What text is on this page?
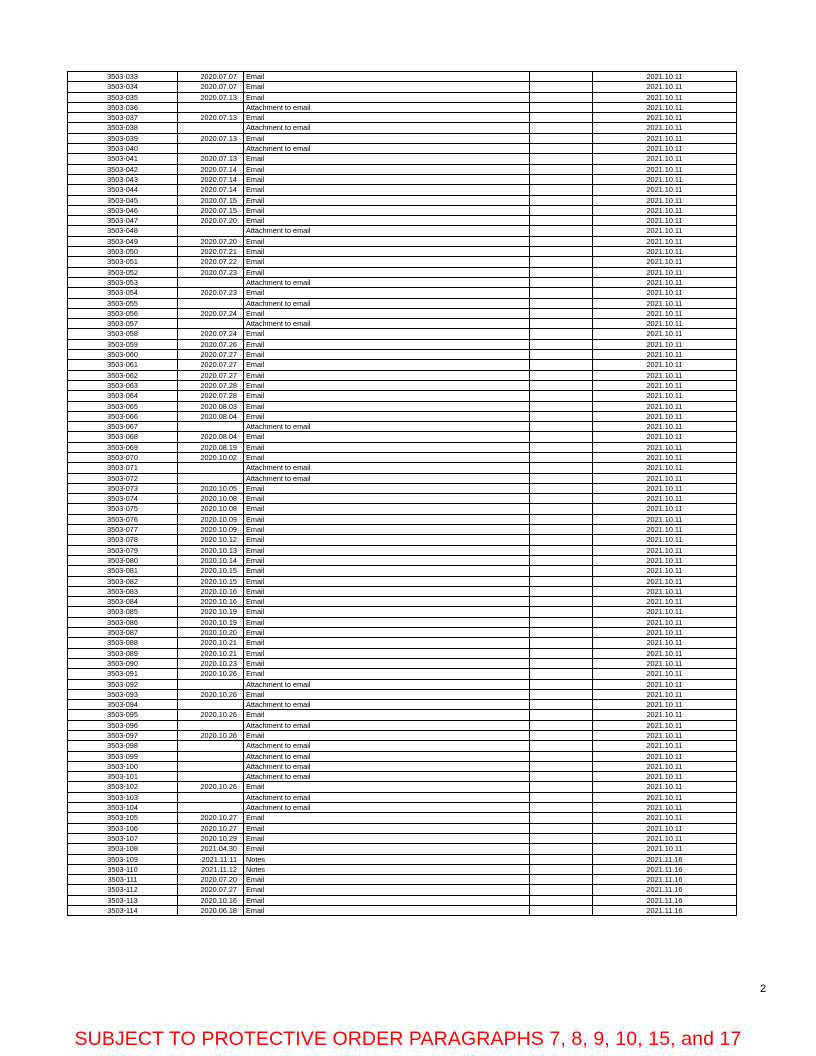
3503-033	2020.07.07	Email		2021.10.11
3503-034	2020.07.07	Email		2021.10.11
3503-035	2020.07.13	Email		2021.10.11
3503-036		Attachment to email		2021.10.11
3503-037	2020.07.13	Email		2021.10.11
3503-038		Attachment to email		2021.10.11
3503-039	2020.07.13	Email		2021.10.11
3503-040		Attachment to email		2021.10.11
3503-041	2020.07.13	Email		2021.10.11
3503-042	2020.07.14	Email		2021.10.11
3503-043	2020.07.14	Email		2021.10.11
3503-044	2020.07.14	Email		2021.10.11
3503-045	2020.07.15	Email		2021.10.11
3503-046	2020.07.15	Email		2021.10.11
3503-047	2020.07.20	Email		2021.10.11
3503-048		Attachment to email		2021.10.11
3503-049	2020.07.20	Email		2021.10.11
3503-050	2020.07.21	Email		2021.10.11
3503-051	2020.07.22	Email		2021.10.11
3503-052	2020.07.23	Email		2021.10.11
3503-053		Attachment to email		2021.10.11
3503-054	2020.07.23	Email		2021.10.11
3503-055		Attachment to email		2021.10.11
3503-056	2020.07.24	Email		2021.10.11
3503-057		Attachment to email		2021.10.11
3503-058	2020.07.24	Email		2021.10.11
3503-059	2020.07.26	Email		2021.10.11
3503-060	2020.07.27	Email		2021.10.11
3503-061	2020.07.27	Email		2021.10.11
3503-062	2020.07.27	Email		2021.10.11
3503-063	2020.07.28	Email		2021.10.11
3503-064	2020.07.28	Email		2021.10.11
3503-065	2020.08.03	Email		2021.10.11
3503-066	2020.08.04	Email		2021.10.11
3503-067		Attachment to email		2021.10.11
3503-068	2020.08.04	Email		2021.10.11
3503-069	2020.08.19	Email		2021.10.11
3503-070	2020.10.02	Email		2021.10.11
3503-071		Attachment to email		2021.10.11
3503-072		Attachment to email		2021.10.11
3503-073	2020.10.05	Email		2021.10.11
3503-074	2020.10.08	Email		2021.10.11
3503-075	2020.10.08	Email		2021.10.11
3503-076	2020.10.09	Email		2021.10.11
3503-077	2020.10.09	Email		2021.10.11
3503-078	2020.10.12	Email		2021.10.11
3503-079	2020.10.13	Email		2021.10.11
3503-080	2020.10.14	Email		2021.10.11
3503-081	2020.10.15	Email		2021.10.11
3503-082	2020.10.15	Email		2021.10.11
3503-083	2020.10.16	Email		2021.10.11
3503-084	2020.10.16	Email		2021.10.11
3503-085	2020.10.19	Email		2021.10.11
3503-086	2020.10.19	Email		2021.10.11
3503-087	2020.10.20	Email		2021.10.11
3503-088	2020.10.21	Email		2021.10.11
3503-089	2020.10.21	Email		2021.10.11
3503-090	2020.10.23	Email		2021.10.11
3503-091	2020.10.26	Email		2021.10.11
3503-092		Attachment to email		2021.10.11
3503-093	2020.10.26	Email		2021.10.11
3503-094		Attachment to email		2021.10.11
3503-095	2020.10.26	Email		2021.10.11
3503-096		Attachment to email		2021.10.11
3503-097	2020.10.26	Email		2021.10.11
3503-098		Attachment to email		2021.10.11
3503-099		Attachment to email		2021.10.11
3503-100		Attachment to email		2021.10.11
3503-101		Attachment to email		2021.10.11
3503-102	2020.10.26	Email		2021.10.11
3503-103		Attachment to email		2021.10.11
3503-104		Attachment to email		2021.10.11
3503-105	2020.10.27	Email		2021.10.11
3503-106	2020.10.27	Email		2021.10.11
3503-107	2020.10.29	Email		2021.10.11
3503-108	2021.04.30	Email		2021.10.11
3503-109	2021.11.11	Notes		2021.11.16
3503-110	2021.11.12	Notes		2021.11.16
3503-111	2020.07.20	Email		2021.11.16
3503-112	2020.07.27	Email		2021.11.16
3503-113	2020.10.16	Email		2021.11.16
3503-114	2020.06.18	Email		2021.11.16
2
SUBJECT TO PROTECTIVE ORDER PARAGRAPHS 7, 8, 9, 10, 15, and 17
